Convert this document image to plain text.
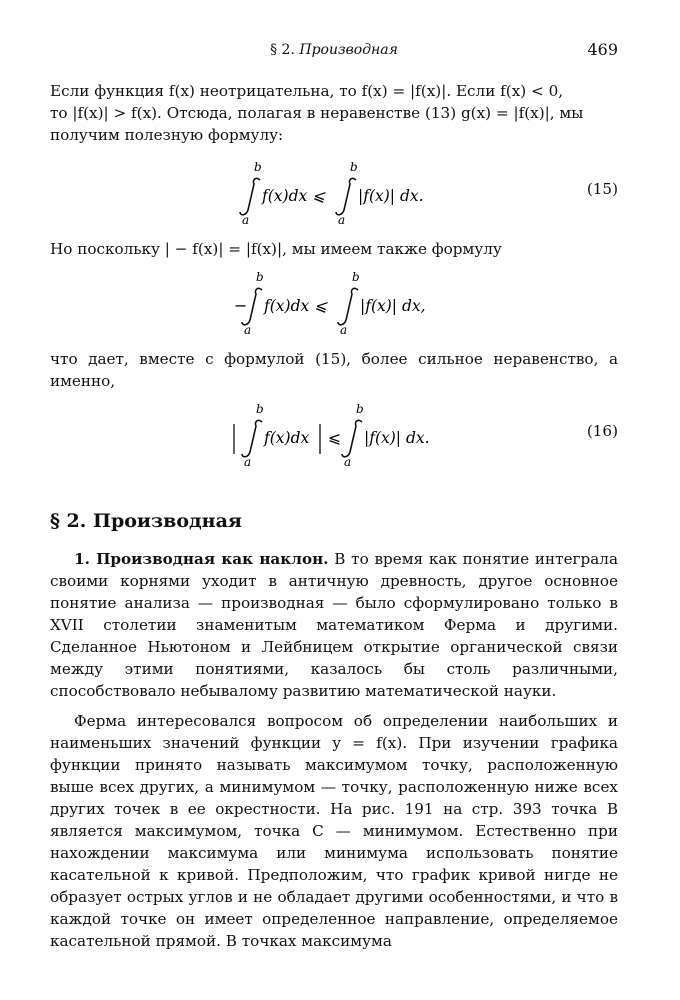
§ 2. Производная	469

Если функция f(x) неотрицательна, то f(x) = |f(x)|. Если f(x) < 0,
то |f(x)| > f(x). Отсюда, полагая в неравенстве (13) g(x) = |f(x)|, мы
получим полезную формулу:

b
a
f(x)dx ⩽
b
a
|f(x)| dx.	(15)

Но поскольку | − f(x)| = |f(x)|, мы имеем также формулу

−
b
a
f(x)dx ⩽
b
a
|f(x)| dx,

что дает, вместе с формулой (15), более сильное неравенство, а именно,

b
a
f(x)dx ⩽
b
a
|f(x)| dx.	(16)
§ 2. Производная

1. Производная как наклон. В то время как понятие интеграла своими корнями уходит в античную древность, другое основное понятие анализа — производная — было сформулировано только в XVII столетии знаменитым математиком Ферма и другими. Сделанное Ньютоном и Лейбницем открытие органической связи между этими понятиями, казалось бы столь различными, способствовало небывалому развитию математической науки.

Ферма интересовался вопросом об определении наибольших и наименьших значений функции y = f(x). При изучении графика функции принято называть максимумом точку, расположенную выше всех других, а минимумом — точку, расположенную ниже всех других точек в ее окрестности. На рис. 191 на стр. 393 точка B является максимумом, точка C — минимумом. Естественно при нахождении максимума или минимума использовать понятие касательной к кривой. Предположим, что график кривой нигде не образует острых углов и не обладает другими особенностями, и что в каждой точке он имеет определенное направление, определяемое касательной прямой. В точках максимума
